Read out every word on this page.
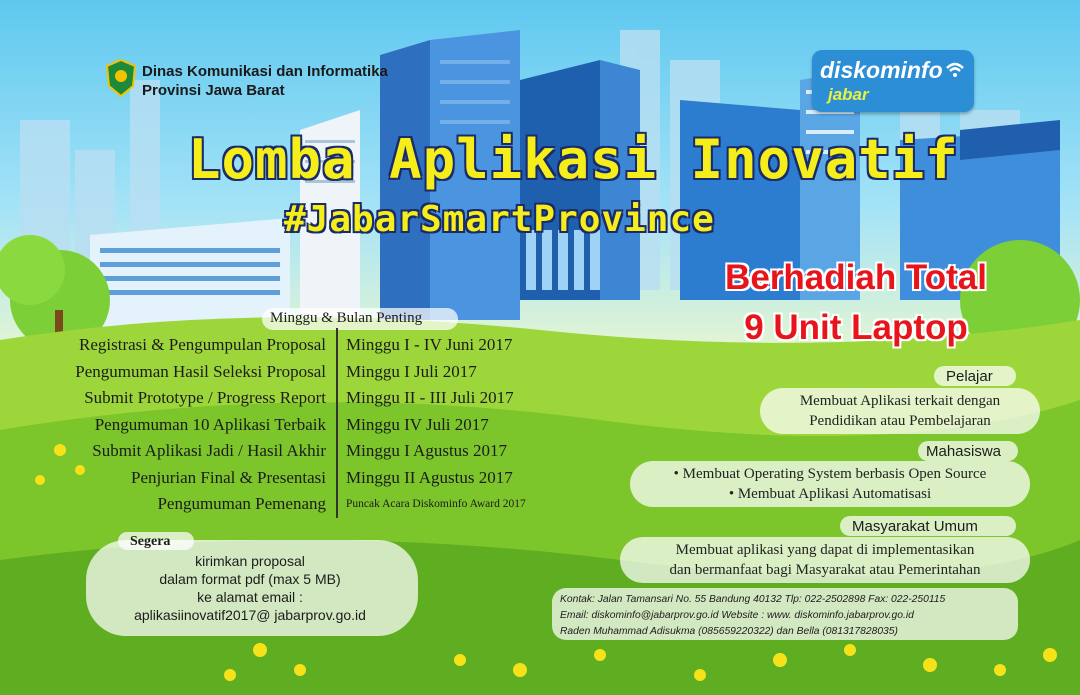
Dinas Komunikasi dan Informatika
Provinsi Jawa Barat
diskominfo
jabar
Lomba Aplikasi Inovatif
#JabarSmartProvince
Berhadiah Total
9 Unit Laptop
Minggu & Bulan Penting
Registrasi & Pengumpulan Proposal
Pengumuman Hasil Seleksi Proposal
Submit Prototype / Progress Report
Pengumuman 10 Aplikasi Terbaik
Submit Aplikasi Jadi / Hasil Akhir
Penjurian Final & Presentasi
Pengumuman Pemenang
Minggu I - IV Juni 2017
Minggu I Juli 2017
Minggu II - III Juli 2017
Minggu IV Juli 2017
Minggu I Agustus 2017
Minggu II Agustus 2017
Puncak Acara Diskominfo Award 2017
Pelajar
Membuat Aplikasi terkait dengan
Pendidikan atau Pembelajaran
Mahasiswa
• Membuat Operating System berbasis Open Source
• Membuat Aplikasi Automatisasi
Masyarakat Umum
Membuat aplikasi yang dapat di implementasikan
dan bermanfaat bagi Masyarakat atau Pemerintahan
Segera
kirimkan proposal
dalam format pdf (max 5 MB)
ke alamat email :
aplikasiinovatif2017@ jabarprov.go.id
Kontak: Jalan Tamansari No. 55 Bandung 40132 Tlp: 022-2502898 Fax: 022-250115
Email: diskominfo@jabarprov.go.id Website : www. diskominfo.jabarprov.go.id
Raden Muhammad Adisukma (085659220322) dan Bella (081317828035)
